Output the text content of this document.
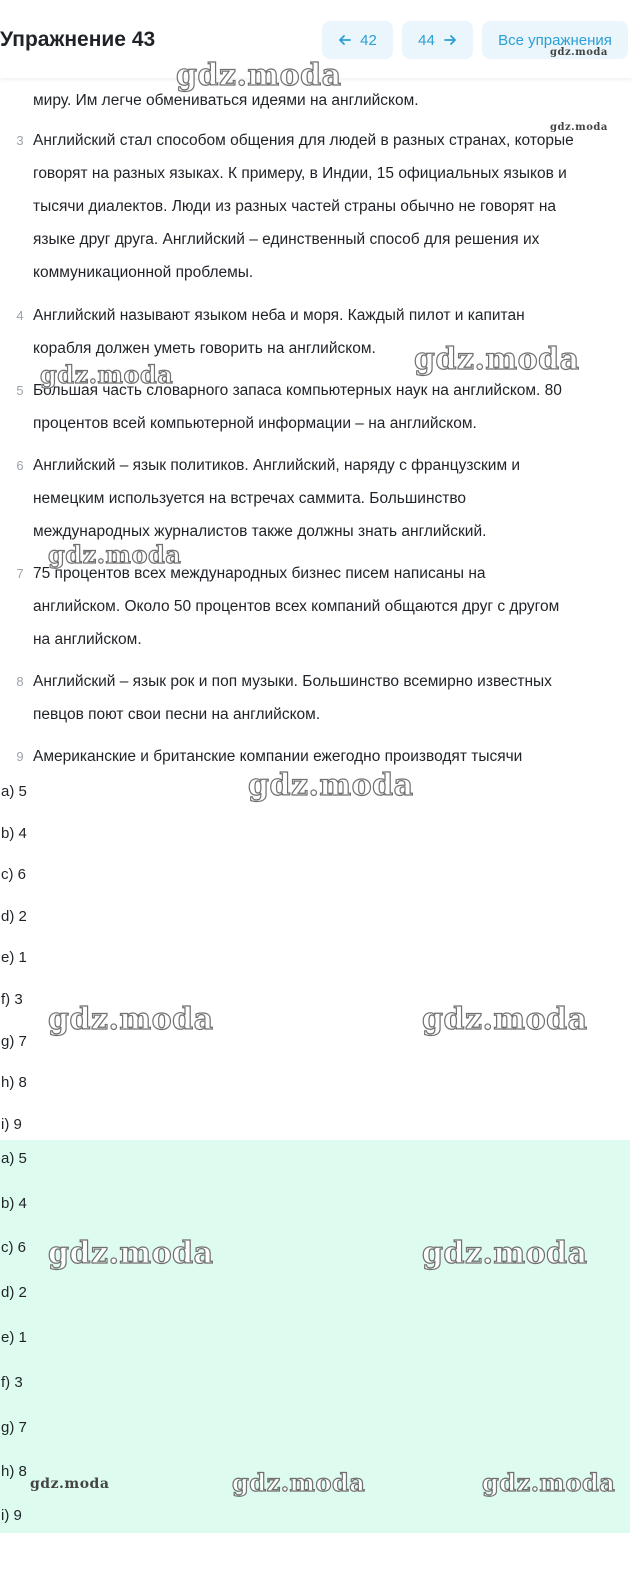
Упражнение 43	42	44	Все упражнения
миру. Им легче обмениваться идеями на английском.
3 Английский стал способом общения для людей в разных странах, которые
говорят на разных языках. К примеру, в Индии, 15 официальных языков и
тысячи диалектов. Люди из разных частей страны обычно не говорят на
языке друг друга. Английский – единственный способ для решения их
коммуникационной проблемы.
4 Английский называют языком неба и моря. Каждый пилот и капитан
корабля должен уметь говорить на английском.
5 Большая часть словарного запаса компьютерных наук на английском. 80
процентов всей компьютерной информации – на английском.
6 Английский – язык политиков. Английский, наряду с французским и
немецким используется на встречах саммита. Большинство
международных журналистов также должны знать английский.
7 75 процентов всех международных бизнес писем написаны на
английском. Около 50 процентов всех компаний общаются друг с другом
на английском.
8 Английский – язык рок и поп музыки. Большинство всемирно известных
певцов поют свои песни на английском.
9 Американские и британские компании ежегодно производят тысячи
a) 5
b) 4
c) 6
d) 2
e) 1
f) 3
g) 7
h) 8
i) 9
a) 5
b) 4
c) 6
d) 2
e) 1
f) 3
g) 7
h) 8
i) 9
gdz.moda
gdz.moda
gdz.moda
gdz.moda
gdz.moda
gdz.moda
gdz.moda
gdz.moda	gdz.moda
gdz.moda	gdz.moda
gdz.moda	gdz.moda	gdz.moda
